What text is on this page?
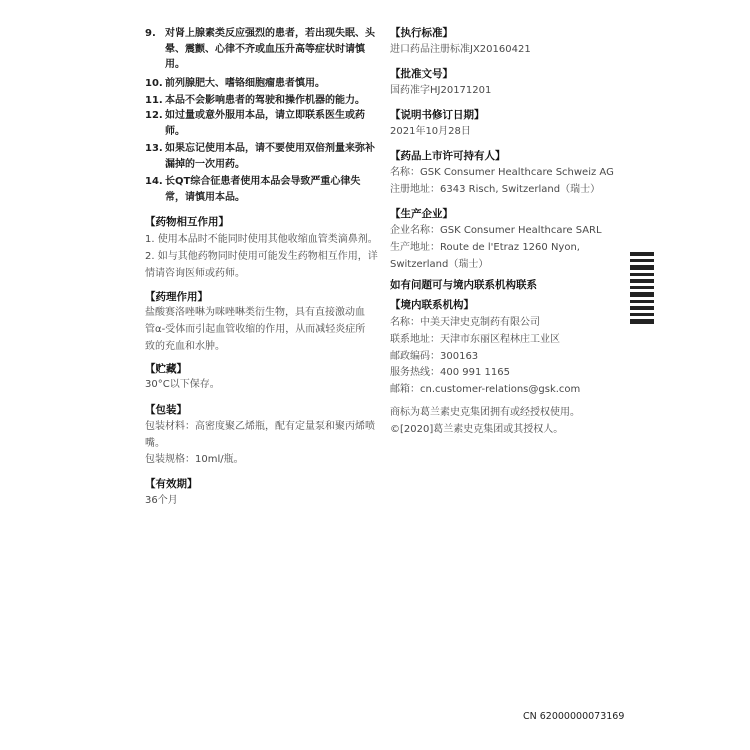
9. 对肾上腺素类反应强烈的患者，若出现失眠、头晕、震颤、心律不齐或血压升高等症状时请慎用。
10. 前列腺肥大、嗜铬细胞瘤患者慎用。
11. 本品不会影响患者的驾驶和操作机器的能力。
12. 如过量或意外服用本品，请立即联系医生或药师。
13. 如果忘记使用本品，请不要使用双倍剂量来弥补漏掉的一次用药。
14. 长QT综合征患者使用本品会导致严重心律失常，请慎用本品。
【药物相互作用】
1. 使用本品时不能同时使用其他收缩血管类滴鼻剂。
2. 如与其他药物同时使用可能发生药物相互作用，详情请咨询医师或药师。
【药理作用】
盐酸赛洛唑啉为咪唑啉类衍生物，具有直接激动血管α-受体而引起血管收缩的作用，从而减轻炎症所致的充血和水肿。
【贮藏】
30°C以下保存。
【包装】
包装材料：高密度聚乙烯瓶，配有定量泵和聚丙烯喷嘴。
包装规格：10ml/瓶。
【有效期】
36个月
【执行标准】
进口药品注册标准JX20160421
【批准文号】
国药准字HJ20171201
【说明书修订日期】
2021年10月28日
【药品上市许可持有人】
名称：GSK Consumer Healthcare Schweiz AG
注册地址：6343 Risch, Switzerland（瑞士）
【生产企业】
企业名称：GSK Consumer Healthcare SARL
生产地址：Route de l'Etraz 1260 Nyon, Switzerland（瑞士）
如有问题可与境内联系机构联系
【境内联系机构】
名称：中美天津史克制药有限公司
联系地址：天津市东丽区程林庄工业区
邮政编码：300163
服务热线：400 991 1165
邮箱：cn.customer-relations@gsk.com
商标为葛兰素史克集团拥有或经授权使用。
©[2020]葛兰素史克集团或其授权人。
CN 62000000073169
